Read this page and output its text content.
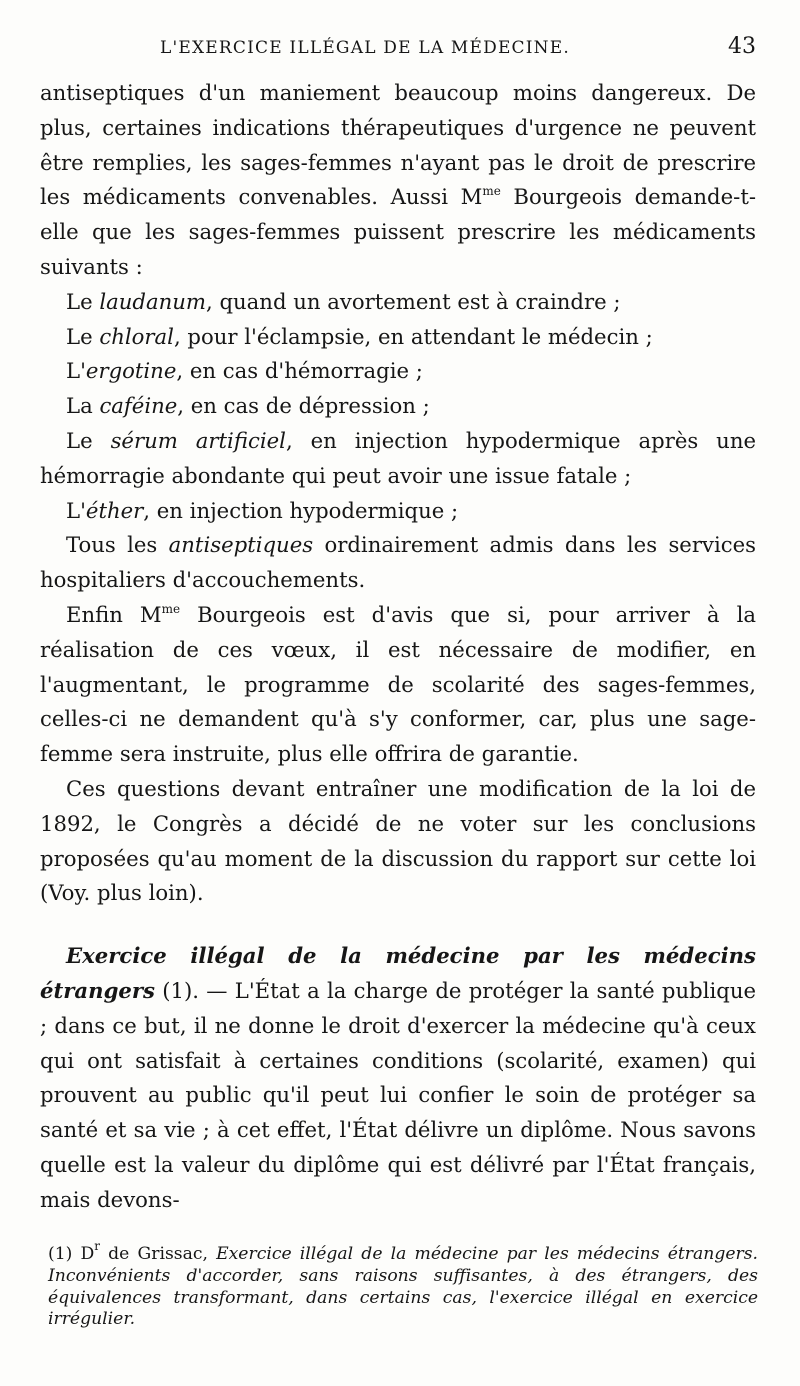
L'EXERCICE ILLÉGAL DE LA MÉDECINE.	43

antiseptiques d'un maniement beaucoup moins dangereux. De plus, certaines indications thérapeutiques d'urgence ne peuvent être remplies, les sages-femmes n'ayant pas le droit de prescrire les médicaments convenables. Aussi $M^{me}$ Bourgeois demande-t-elle que les sages-femmes puissent prescrire les médicaments suivants :

Le laudanum, quand un avortement est à craindre ;

Le chloral, pour l'éclampsie, en attendant le médecin ;

L'ergotine, en cas d'hémorragie ;

La caféine, en cas de dépression ;

Le sérum artificiel, en injection hypodermique après une hémorragie abondante qui peut avoir une issue fatale ;

L'éther, en injection hypodermique ;

Tous les antiseptiques ordinairement admis dans les services hospitaliers d'accouchements.

Enfin $M^{me}$ Bourgeois est d'avis que si, pour arriver à la réalisation de ces vœux, il est nécessaire de modifier, en l'augmentant, le programme de scolarité des sages-femmes, celles-ci ne demandent qu'à s'y conformer, car, plus une sage-femme sera instruite, plus elle offrira de garantie.

Ces questions devant entraîner une modification de la loi de 1892, le Congrès a décidé de ne voter sur les conclusions proposées qu'au moment de la discussion du rapport sur cette loi (Voy. plus loin).

Exercice illégal de la médecine par les médecins étrangers (1). — L'État a la charge de protéger la santé publique ; dans ce but, il ne donne le droit d'exercer la médecine qu'à ceux qui ont satisfait à certaines conditions (scolarité, examen) qui prouvent au public qu'il peut lui confier le soin de protéger sa santé et sa vie ; à cet effet, l'État délivre un diplôme. Nous savons quelle est la valeur du diplôme qui est délivré par l'État français, mais devons-

(1) D$^r$ de Grissac, Exercice illégal de la médecine par les médecins étrangers. Inconvénients d'accorder, sans raisons suffisantes, à des étrangers, des équivalences transformant, dans certains cas, l'exercice illégal en exercice irrégulier.
